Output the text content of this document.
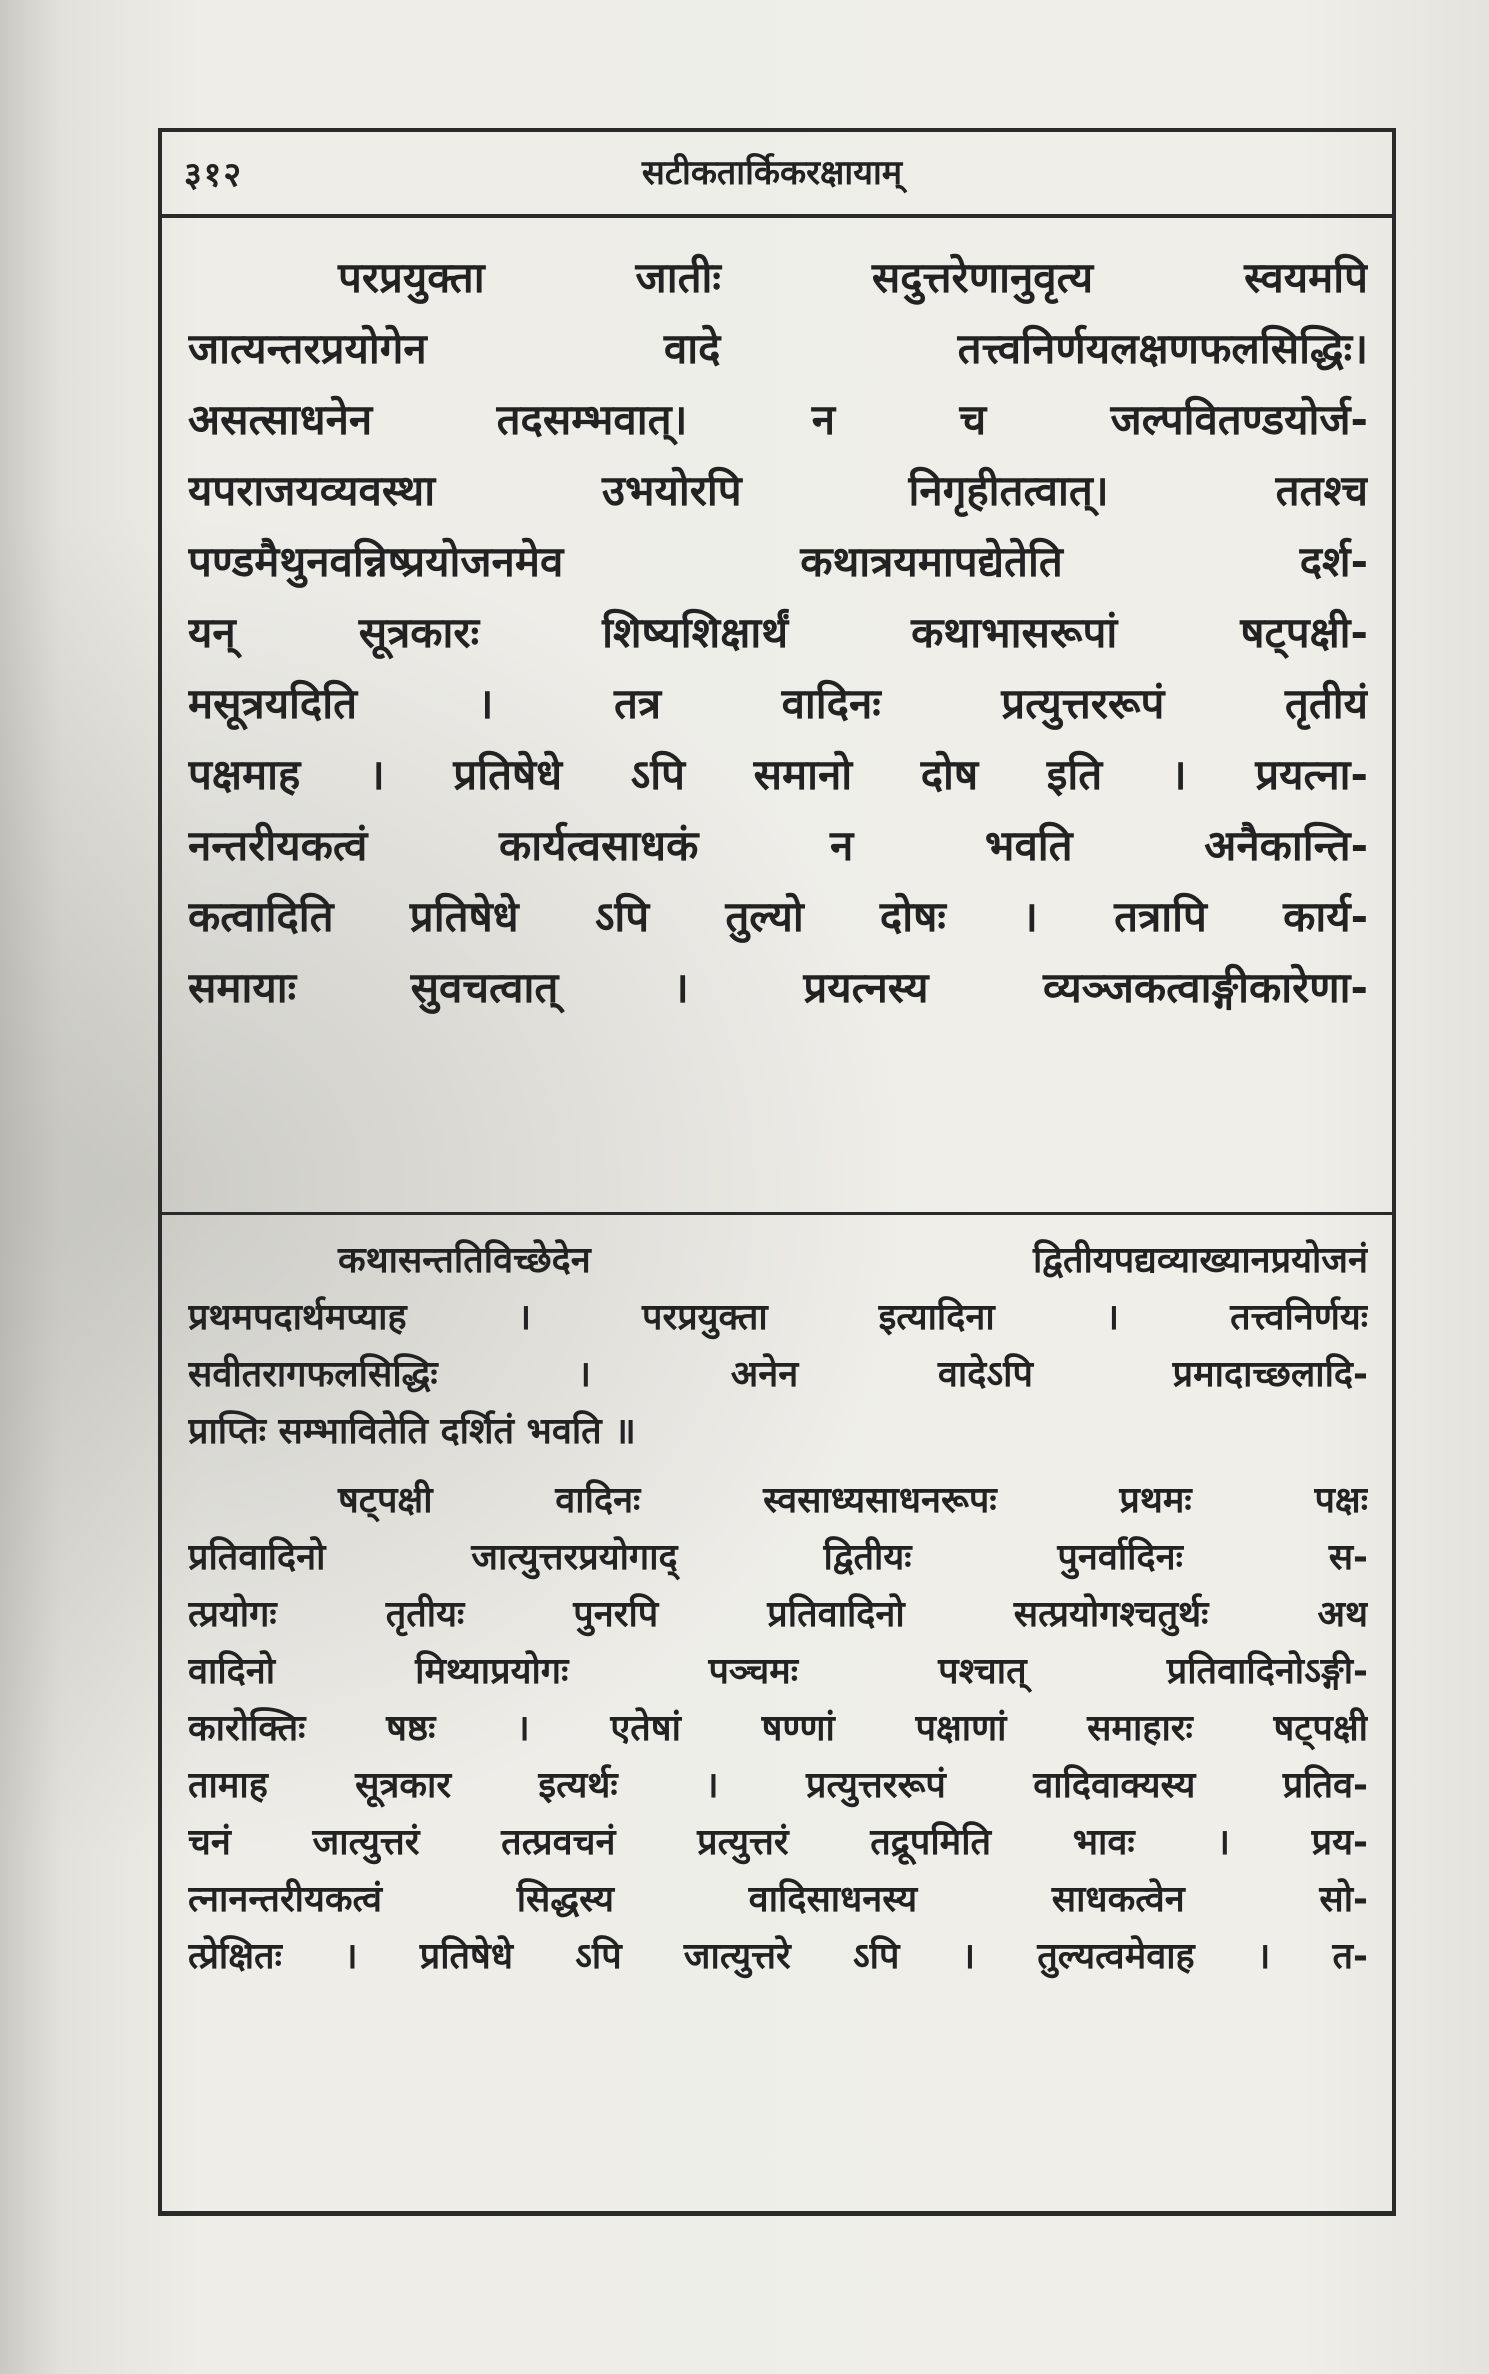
३१२	सटीकतार्किकरक्षायाम्
परप्रयुक्ता जातीः सदुत्तरेणानुवृत्य स्वयमपि
जात्यन्तरप्रयोगेन वादे तत्त्वनिर्णयलक्षणफलसिद्धिः।
असत्साधनेन तदसम्भवात्। न च जल्पवितण्डयोर्ज-
यपराजयव्यवस्था उभयोरपि निगृहीतत्वात्। ततश्च
पण्डमैथुनवन्निष्प्रयोजनमेव कथात्रयमापद्येतेति दर्श-
यन् सूत्रकारः शिष्यशिक्षार्थं कथाभासरूपां षट्पक्षी-
मसूत्रयदिति । तत्र वादिनः प्रत्युत्तररूपं तृतीयं
पक्षमाह । प्रतिषेधे ऽपि समानो दोष इति । प्रयत्ना-
नन्तरीयकत्वं कार्यत्वसाधकं न भवति अनैकान्ति-
कत्वादिति प्रतिषेधे ऽपि तुल्यो दोषः । तत्रापि कार्य-
समायाः सुवचत्वात् । प्रयत्नस्य व्यञ्जकत्वाङ्गीकारेणा-
कथासन्ततिविच्छेदेन द्वितीयपद्यव्याख्यानप्रयोजनं
प्रथमपदार्थमप्याह । परप्रयुक्ता इत्यादिना । तत्त्वनिर्णयः
सवीतरागफलसिद्धिः । अनेन वादेऽपि प्रमादाच्छलादि-
प्राप्तिः सम्भावितेति दर्शितं भवति ॥
षट्पक्षी वादिनः स्वसाध्यसाधनरूपः प्रथमः पक्षः
प्रतिवादिनो जात्युत्तरप्रयोगाद् द्वितीयः पुनर्वादिनः स-
त्प्रयोगः तृतीयः पुनरपि प्रतिवादिनो सत्प्रयोगश्चतुर्थः अथ
वादिनो मिथ्याप्रयोगः पञ्चमः पश्चात् प्रतिवादिनोऽङ्गी-
कारोक्तिः षष्ठः । एतेषां षण्णां पक्षाणां समाहारः षट्पक्षी
तामाह सूत्रकार इत्यर्थः । प्रत्युत्तररूपं वादिवाक्यस्य प्रतिव-
चनं जात्युत्तरं तत्प्रवचनं प्रत्युत्तरं तद्रूपमिति भावः । प्रय-
त्नानन्तरीयकत्वं सिद्धस्य वादिसाधनस्य साधकत्वेन सो-
त्प्रेक्षितः । प्रतिषेधे ऽपि जात्युत्तरे ऽपि । तुल्यत्वमेवाह । त-
